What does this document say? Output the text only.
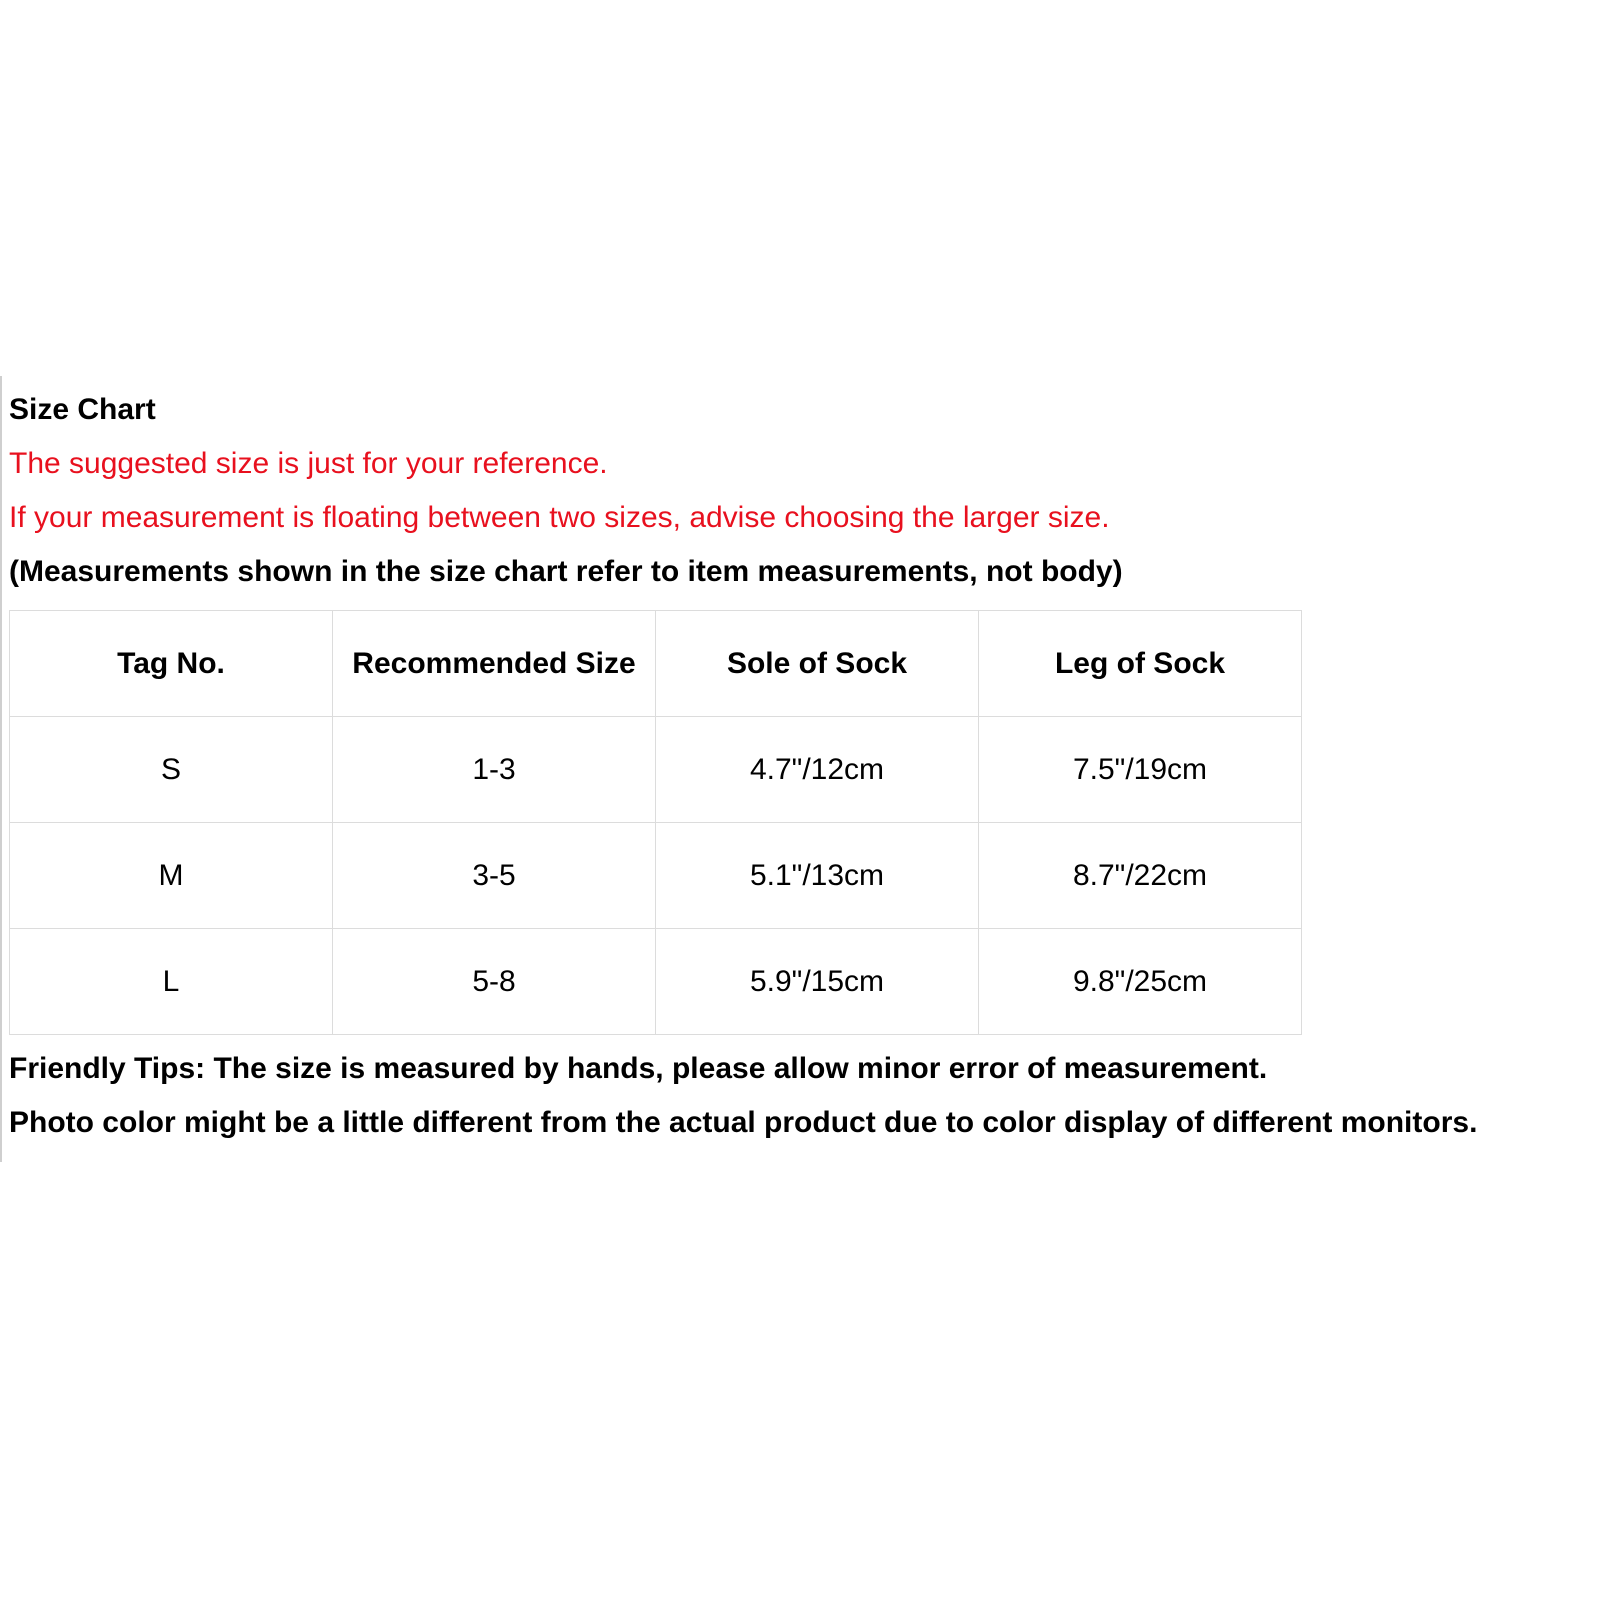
Size Chart
The suggested size is just for your reference.
If your measurement is floating between two sizes, advise choosing the larger size.
(Measurements shown in the size chart refer to item measurements, not body)
Tag No.	Recommended Size	Sole of Sock	Leg of Sock
S	1-3	4.7"/12cm	7.5"/19cm
M	3-5	5.1"/13cm	8.7"/22cm
L	5-8	5.9"/15cm	9.8"/25cm
Friendly Tips: The size is measured by hands, please allow minor error of measurement.
Photo color might be a little different from the actual product due to color display of different monitors.
